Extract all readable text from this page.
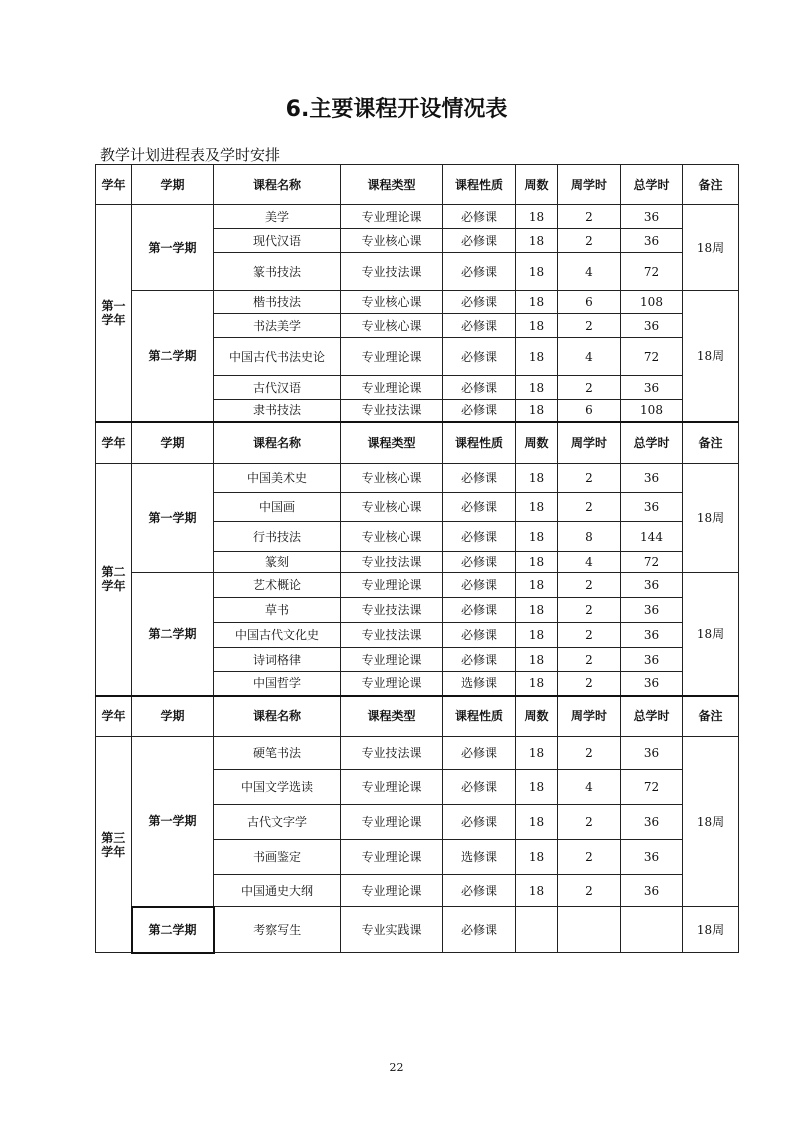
6.主要课程开设情况表
教学计划进程表及学时安排
学年	学期	课程名称	课程类型	课程性质	周数	周学时	总学时	备注
第一学年	第一学期	美学	专业理论课	必修课	18	2	36	18周
		现代汉语	专业核心课	必修课	18	2	36	
		篆书技法	专业技法课	必修课	18	4	72	
	第二学期	楷书技法	专业核心课	必修课	18	6	108	18周
		书法美学	专业核心课	必修课	18	2	36	
		中国古代书法史论	专业理论课	必修课	18	4	72	
		古代汉语	专业理论课	必修课	18	2	36	
		隶书技法	专业技法课	必修课	18	6	108	
学年	学期	课程名称	课程类型	课程性质	周数	周学时	总学时	备注
第二学年	第一学期	中国美术史	专业核心课	必修课	18	2	36	18周
		中国画	专业核心课	必修课	18	2	36	
		行书技法	专业核心课	必修课	18	8	144	
		篆刻	专业技法课	必修课	18	4	72	
	第二学期	艺术概论	专业理论课	必修课	18	2	36	18周
		草书	专业技法课	必修课	18	2	36	
		中国古代文化史	专业技法课	必修课	18	2	36	
		诗词格律	专业理论课	必修课	18	2	36	
		中国哲学	专业理论课	选修课	18	2	36	
学年	学期	课程名称	课程类型	课程性质	周数	周学时	总学时	备注
第三学年	第一学期	硬笔书法	专业技法课	必修课	18	2	36	18周
		中国文学选读	专业理论课	必修课	18	4	72	
		古代文字学	专业理论课	必修课	18	2	36	
		书画鉴定	专业理论课	选修课	18	2	36	
		中国通史大纲	专业理论课	必修课	18	2	36	
	第二学期	考察写生	专业实践课	必修课				18周
22
